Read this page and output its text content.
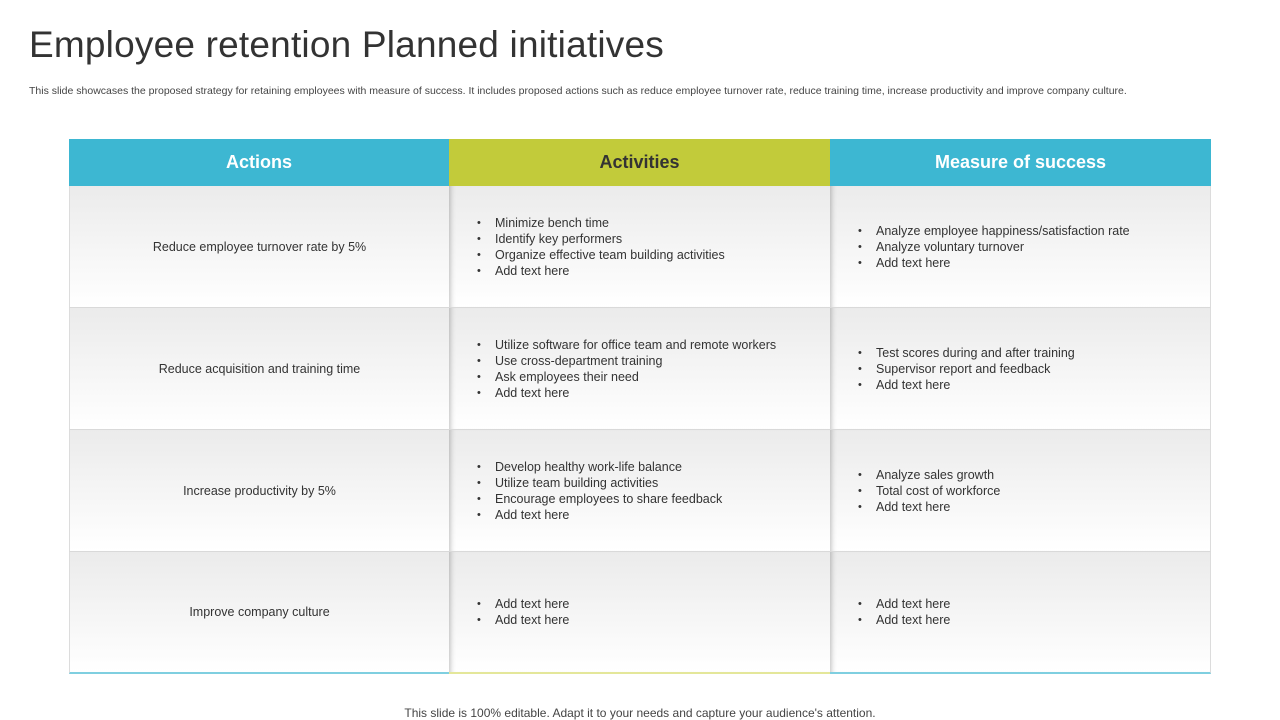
Employee retention Planned initiatives

This slide showcases the proposed strategy for retaining employees with measure of success. It includes proposed actions such as reduce employee turnover rate, reduce training time, increase productivity and improve company culture.

Actions	Activities	Measure of success
Reduce employee turnover rate by 5%
• Minimize bench time
• Identify key performers
• Organize effective team building activities
• Add text here
• Analyze employee happiness/satisfaction rate
• Analyze voluntary turnover
• Add text here
Reduce acquisition and training time
• Utilize software for office team and remote workers
• Use cross-department training
• Ask employees their need
• Add text here
• Test scores during and after training
• Supervisor report and feedback
• Add text here
Increase productivity by 5%
• Develop healthy work-life balance
• Utilize team building activities
• Encourage employees to share feedback
• Add text here
• Analyze sales growth
• Total cost of workforce
• Add text here
Improve company culture
• Add text here
• Add text here
• Add text here
• Add text here

This slide is 100% editable. Adapt it to your needs and capture your audience's attention.
